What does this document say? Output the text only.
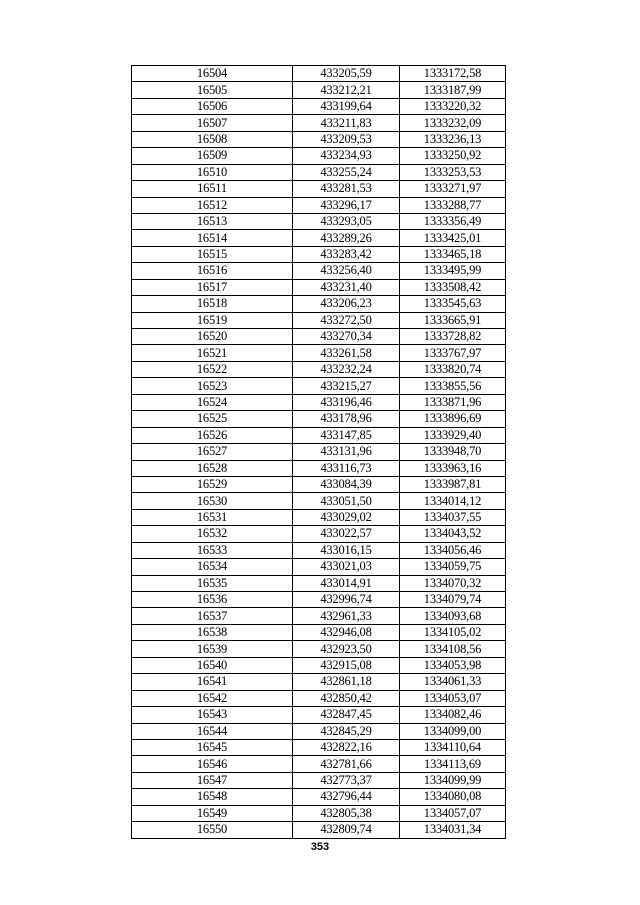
16504	433205,59	1333172,58
16505	433212,21	1333187,99
16506	433199,64	1333220,32
16507	433211,83	1333232,09
16508	433209,53	1333236,13
16509	433234,93	1333250,92
16510	433255,24	1333253,53
16511	433281,53	1333271,97
16512	433296,17	1333288,77
16513	433293,05	1333356,49
16514	433289,26	1333425,01
16515	433283,42	1333465,18
16516	433256,40	1333495,99
16517	433231,40	1333508,42
16518	433206,23	1333545,63
16519	433272,50	1333665,91
16520	433270,34	1333728,82
16521	433261,58	1333767,97
16522	433232,24	1333820,74
16523	433215,27	1333855,56
16524	433196,46	1333871,96
16525	433178,96	1333896,69
16526	433147,85	1333929,40
16527	433131,96	1333948,70
16528	433116,73	1333963,16
16529	433084,39	1333987,81
16530	433051,50	1334014,12
16531	433029,02	1334037,55
16532	433022,57	1334043,52
16533	433016,15	1334056,46
16534	433021,03	1334059,75
16535	433014,91	1334070,32
16536	432996,74	1334079,74
16537	432961,33	1334093,68
16538	432946,08	1334105,02
16539	432923,50	1334108,56
16540	432915,08	1334053,98
16541	432861,18	1334061,33
16542	432850,42	1334053,07
16543	432847,45	1334082,46
16544	432845,29	1334099,00
16545	432822,16	1334110,64
16546	432781,66	1334113,69
16547	432773,37	1334099,99
16548	432796,44	1334080,08
16549	432805,38	1334057,07
16550	432809,74	1334031,34
353
